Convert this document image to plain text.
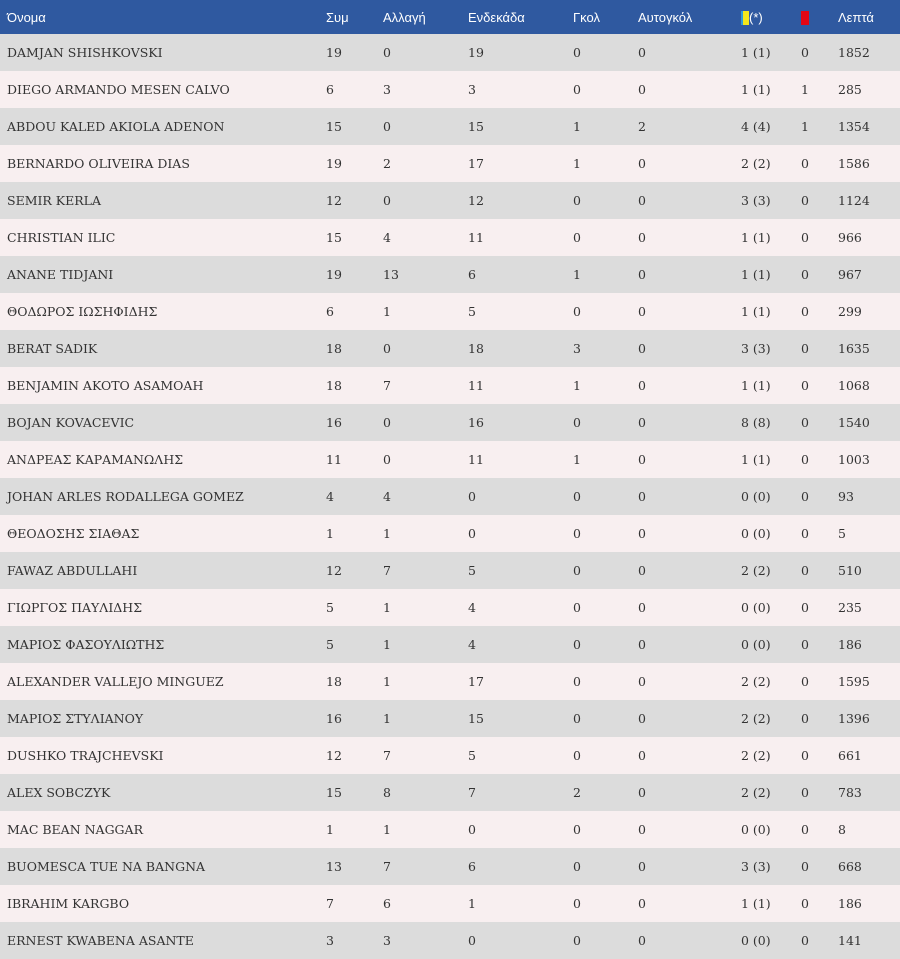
Όνομα	Συμ	Αλλαγή	Ενδεκάδα	Γκολ	Αυτογκόλ	(*)		Λεπτά
DAMJAN SHISHKOVSKI	19	0	19	0	0	1 (1)	0	1852
DIEGO ARMANDO MESEN CALVO	6	3	3	0	0	1 (1)	1	285
ABDOU KALED AKIOLA ADENON	15	0	15	1	2	4 (4)	1	1354
BERNARDO OLIVEIRA DIAS	19	2	17	1	0	2 (2)	0	1586
SEMIR KERLA	12	0	12	0	0	3 (3)	0	1124
CHRISTIAN ILIC	15	4	11	0	0	1 (1)	0	966
ANANE TIDJANI	19	13	6	1	0	1 (1)	0	967
ΘΟΔΩΡΟΣ ΙΩΣΗΦΙΔΗΣ	6	1	5	0	0	1 (1)	0	299
BERAT SADIK	18	0	18	3	0	3 (3)	0	1635
BENJAMIN AKOTO ASAMOAH	18	7	11	1	0	1 (1)	0	1068
BOJAN KOVACEVIC	16	0	16	0	0	8 (8)	0	1540
ΑΝΔΡΕΑΣ ΚΑΡΑΜΑΝΩΛΗΣ	11	0	11	1	0	1 (1)	0	1003
JOHAN ARLES RODALLEGA GOMEZ	4	4	0	0	0	0 (0)	0	93
ΘΕΟΔΟΣΗΣ ΣΙΑΘΑΣ	1	1	0	0	0	0 (0)	0	5
FAWAZ ABDULLAHI	12	7	5	0	0	2 (2)	0	510
ΓΙΩΡΓΟΣ ΠΑΥΛΙΔΗΣ	5	1	4	0	0	0 (0)	0	235
ΜΑΡΙΟΣ ΦΑΣΟΥΛΙΩΤΗΣ	5	1	4	0	0	0 (0)	0	186
ALEXANDER VALLEJO MINGUEZ	18	1	17	0	0	2 (2)	0	1595
ΜΑΡΙΟΣ ΣΤΥΛΙΑΝΟΥ	16	1	15	0	0	2 (2)	0	1396
DUSHKO TRAJCHEVSKI	12	7	5	0	0	2 (2)	0	661
ALEX SOBCZYK	15	8	7	2	0	2 (2)	0	783
MAC BEAN NAGGAR	1	1	0	0	0	0 (0)	0	8
BUOMESCA TUE NA BANGNA	13	7	6	0	0	3 (3)	0	668
IBRAHIM KARGBO	7	6	1	0	0	1 (1)	0	186
ERNEST KWABENA ASANTE	3	3	0	0	0	0 (0)	0	141
